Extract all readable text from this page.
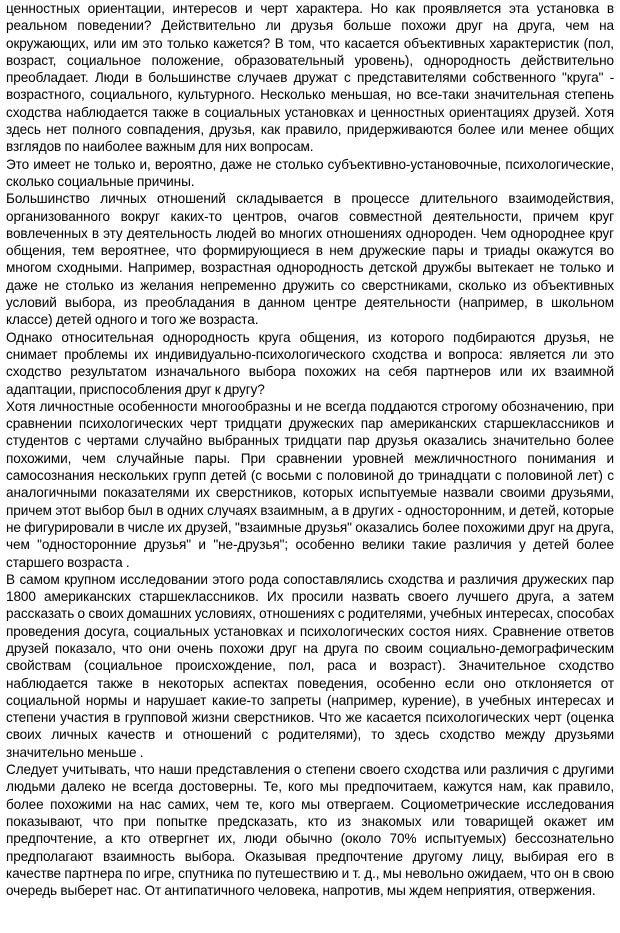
ценностных ориентации, интересов и черт характера. Но как проявляется эта установка в реальном поведении? Действительно ли друзья больше похожи друг на друга, чем на окружающих, или им это только кажется? В том, что касается объективных характеристик (пол, возраст, социальное положение, образовательный уровень), однородность действительно преобладает. Люди в большинстве случаев дружат с представителями собственного "круга" - возрастного, социального, культурного. Несколько меньшая, но все-таки значительная степень сходства наблюдается также в социальных установках и ценностных ориентациях друзей. Хотя здесь нет полного совпадения, друзья, как правило, придерживаются более или менее общих взглядов по наиболее важным для них вопросам.

Это имеет не только и, вероятно, даже не столько субъективно-установочные, психологические, сколько социальные причины.

Большинство личных отношений складывается в процессе длительного взаимодействия, организованного вокруг каких-то центров, очагов совместной деятельности, причем круг вовлеченных в эту деятельность людей во многих отношениях однороден. Чем однороднее круг общения, тем вероятнее, что формирующиеся в нем дружеские пары и триады окажутся во многом сходными. Например, возрастная однородность детской дружбы вытекает не только и даже не столько из желания непременно дружить со сверстниками, сколько из объективных условий выбора, из преобладания в данном центре деятельности (например, в школьном классе) детей одного и того же возраста.

Однако относительная однородность круга общения, из которого подбираются друзья, не снимает проблемы их индивидуально-психологического сходства и вопроса: является ли это сходство результатом изначального выбора похожих на себя партнеров или их взаимной адаптации, приспособления друг к другу?

Хотя личностные особенности многообразны и не всегда поддаются строгому обозначению, при сравнении психологических черт тридцати дружеских пар американских старшеклассников и студентов с чертами случайно выбранных тридцати пар друзья оказались значительно более похожими, чем случайные пары. При сравнении уровней межличностного понимания и самосознания нескольких групп детей (с восьми с половиной до тринадцати с половиной лет) с аналогичными показателями их сверстников, которых испытуемые назвали своими друзьями, причем этот выбор был в одних случаях взаимным, а в других - односторонним, и детей, которые не фигурировали в числе их друзей, "взаимные друзья" оказались более похожими друг на друга, чем "односторонние друзья" и "не-друзья"; особенно велики такие различия у детей более старшего возраста .

В самом крупном исследовании этого рода сопоставлялись сходства и различия дружеских пар 1800 американских старшеклассников. Их просили назвать своего лучшего друга, а затем рассказать о своих домашних условиях, отношениях с родителями, учебных интересах, способах проведения досуга, социальных установках и психологических состоя ниях. Сравнение ответов друзей показало, что они очень похожи друг на друга по своим социально-демографическим свойствам (социальное происхождение, пол, раса и возраст). Значительное сходство наблюдается также в некоторых аспектах поведения, особенно если оно отклоняется от социальной нормы и нарушает какие-то запреты (например, курение), в учебных интересах и степени участия в групповой жизни сверстников. Что же касается психологических черт (оценка своих личных качеств и отношений с родителями), то здесь сходство между друзьями значительно меньше .

Следует учитывать, что наши представления о степени своего сходства или различия с другими людьми далеко не всегда достоверны. Те, кого мы предпочитаем, кажутся нам, как правило, более похожими на нас самих, чем те, кого мы отвергаем. Социометрические исследования показывают, что при попытке предсказать, кто из знакомых или товарищей окажет им предпочтение, а кто отвергнет их, люди обычно (около 70% испытуемых) бессознательно предполагают взаимность выбора. Оказывая предпочтение другому лицу, выбирая его в качестве партнера по игре, спутника по путешествию и т. д., мы невольно ожидаем, что он в свою очередь выберет нас. От антипатичного человека, напротив, мы ждем неприятия, отвержения.
